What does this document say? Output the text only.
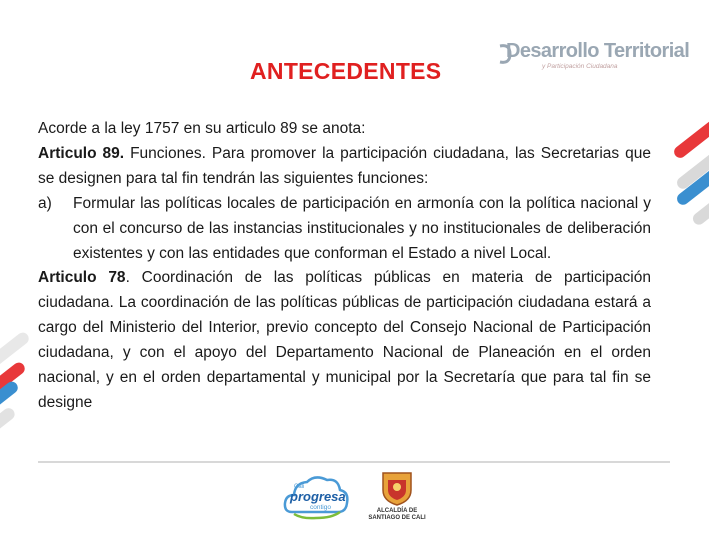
Desarrollo Territorial
y Participación Ciudadana
ANTECEDENTES

Acorde a la ley 1757 en su articulo 89 se anota:

Articulo 89. Funciones. Para promover la participación ciudadana, las Secretarias que se designen para tal fin tendrán las siguientes funciones:

a)	Formular las políticas locales de participación en armonía con la política nacional y con el concurso de las instancias institucionales y no institucionales de deliberación existentes y con las entidades que conforman el Estado a nivel Local.

Articulo 78. Coordinación de las políticas públicas en materia de participación ciudadana. La coordinación de las políticas públicas de participación ciudadana estará a cargo del Ministerio del Interior, previo concepto del Consejo Nacional de Participación ciudadana, y con el apoyo del Departamento Nacional de Planeación en el orden nacional, y en el orden departamental y municipal por la Secretaría que para tal fin se designe

Cali
progresa
contigo	ALCALDÍA DE
SANTIAGO DE CALI
